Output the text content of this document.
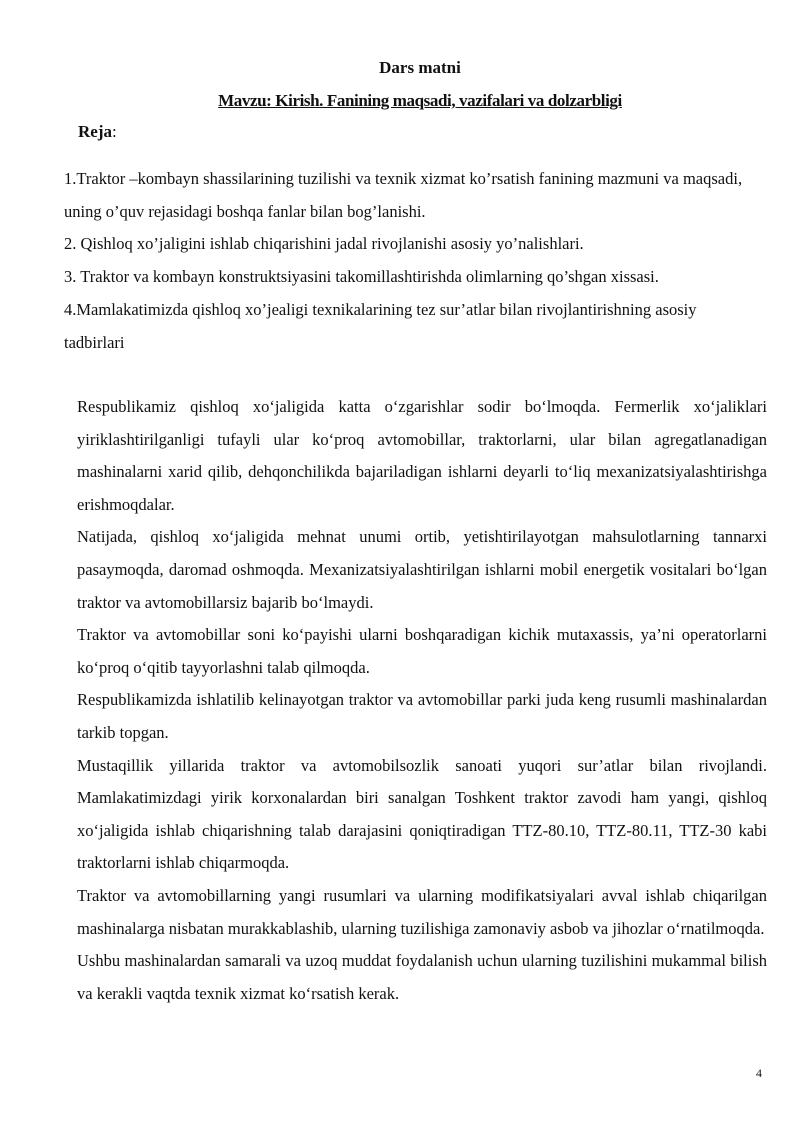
Dars matni
Mavzu: Kirish. Fanining maqsadi, vazifalari va dolzarbligi
Reja:
1.Traktor –kombayn shassilarining tuzilishi va texnik xizmat ko’rsatish fanining mazmuni va maqsadi, uning o’quv rejasidagi boshqa fanlar bilan bog’lanishi.
2. Qishloq xo’jaligini ishlab chiqarishini jadal rivojlanishi asosiy yo’nalishlari.
3. Traktor va kombayn konstruktsiyasini takomillashtirishda olimlarning qo’shgan xissasi.
4.Mamlakatimizda qishloq xo’jealigi texnikalarining tez sur’atlar bilan rivojlantirishning asosiy tadbirlari

Respublikamiz qishloq xo‘jaligida katta o‘zgarishlar sodir bo‘lmoqda. Fermerlik xo‘jaliklari yiriklashtirilganligi tufayli ular ko‘proq avtomobillar, traktorlarni, ular bilan agregatlanadigan mashinalarni xarid qilib, dehqonchilikda bajariladigan ishlarni deyarli to‘liq mexanizatsiyalashtirishga erishmoqdalar.

Natijada, qishloq xo‘jaligida mehnat unumi ortib, yetishtirilayotgan mahsulotlarning tannarxi pasaymoqda, daromad oshmoqda. Mexanizatsiyalashtirilgan ishlarni mobil energetik vositalari bo‘lgan traktor va avtomobillarsiz bajarib bo‘lmaydi.

Traktor va avtomobillar soni ko‘payishi ularni boshqaradigan kichik mutaxassis, ya’ni operatorlarni ko‘proq o‘qitib tayyorlashni talab qilmoqda.

Respublikamizda ishlatilib kelinayotgan traktor va avtomobillar parki juda keng rusumli mashinalardan tarkib topgan.

Mustaqillik yillarida traktor va avtomobilsozlik sanoati yuqori sur’atlar bilan rivojlandi. Mamlakatimizdagi yirik korxonalardan biri sanalgan Toshkent traktor zavodi ham yangi, qishloq xo‘jaligida ishlab chiqarishning talab darajasini qoniqtiradigan TTZ-80.10, TTZ-80.11, TTZ-30 kabi traktorlarni ishlab chiqarmoqda.

Traktor va avtomobillarning yangi rusumlari va ularning modifikatsiyalari avval ishlab chiqarilgan mashinalarga nisbatan murakkablashib, ularning tuzilishiga zamonaviy asbob va jihozlar o‘rnatilmoqda.

Ushbu mashinalardan samarali va uzoq muddat foydalanish uchun ularning tuzilishini mukammal bilish va kerakli vaqtda texnik xizmat ko‘rsatish kerak.

4
